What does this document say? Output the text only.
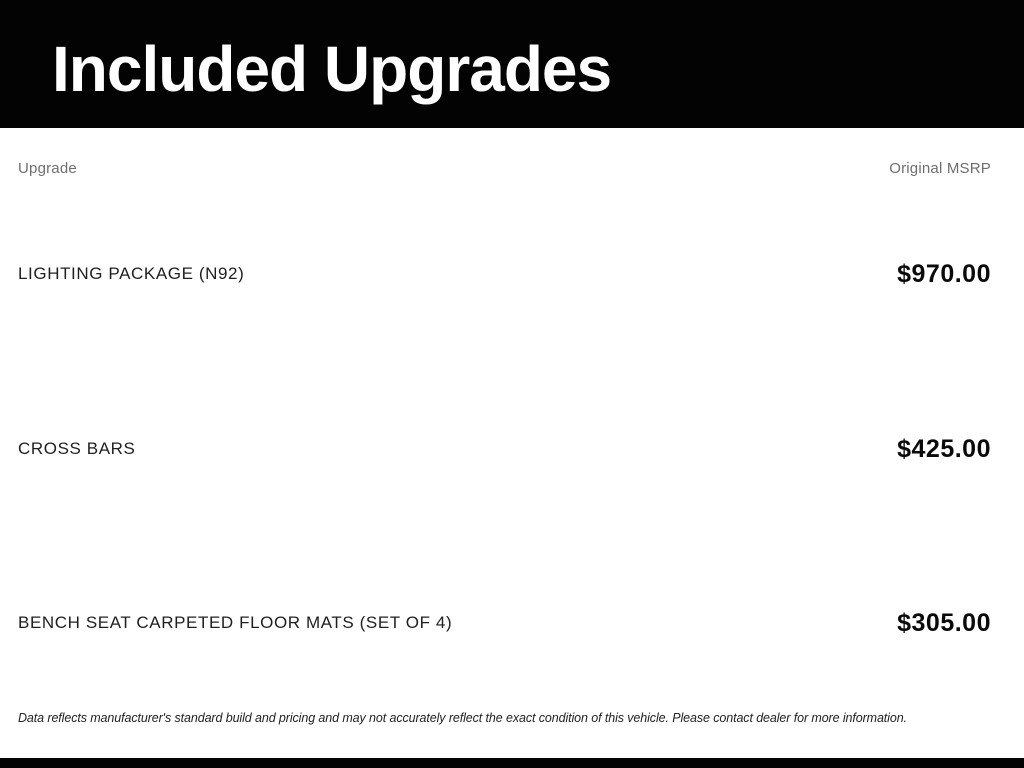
Included Upgrades
Upgrade	Original MSRP
LIGHTING PACKAGE (N92)	$970.00
CROSS BARS	$425.00
BENCH SEAT CARPETED FLOOR MATS (SET OF 4)	$305.00
Data reflects manufacturer's standard build and pricing and may not accurately reflect the exact condition of this vehicle. Please contact dealer for more information.
